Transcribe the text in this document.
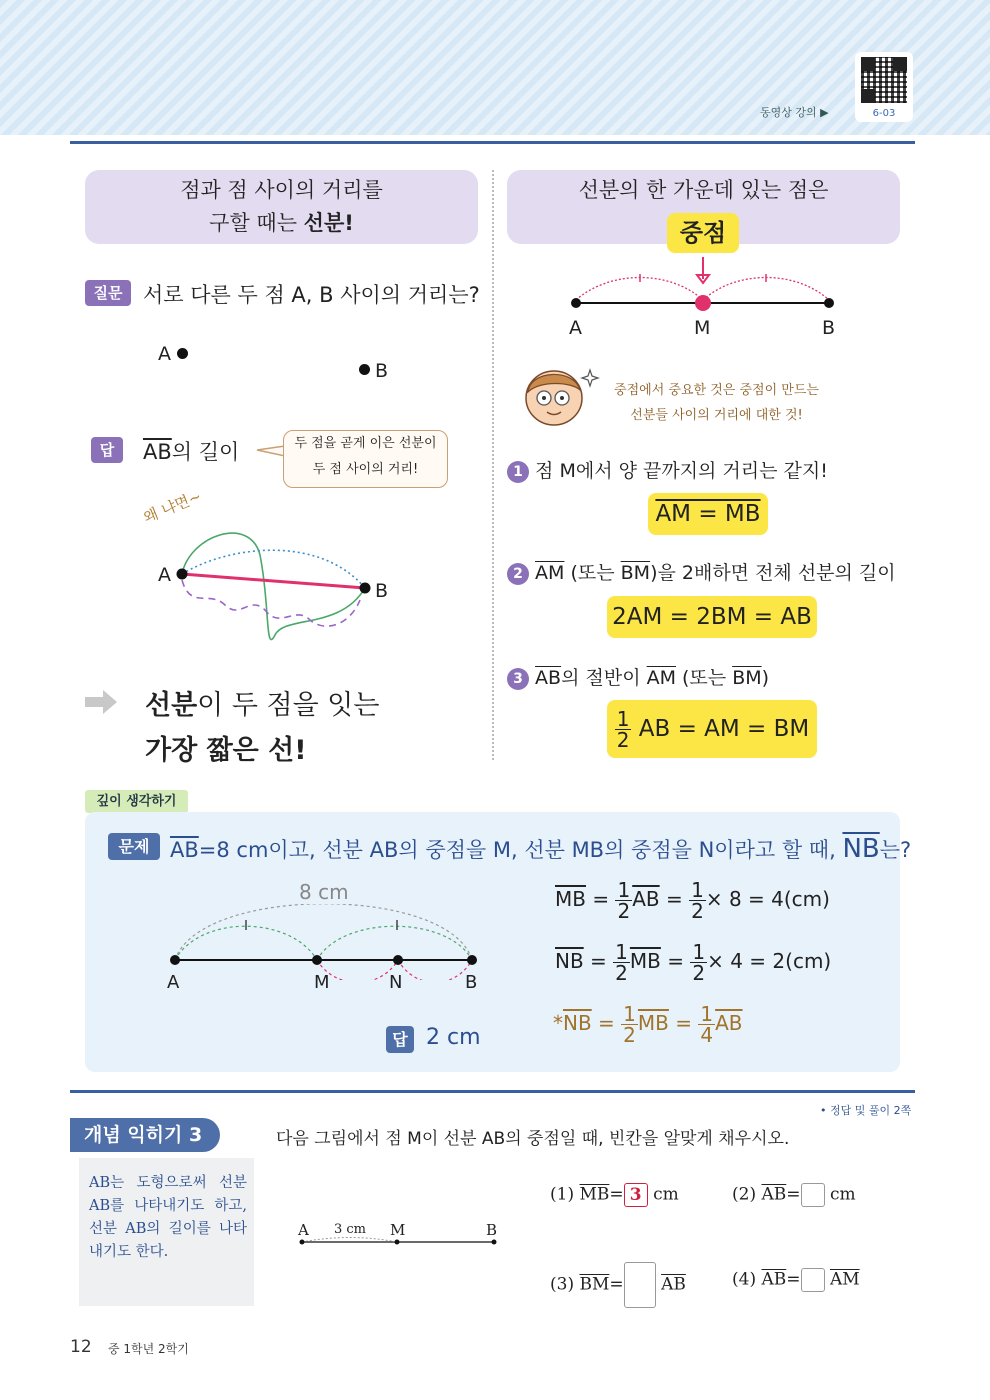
동영상 강의 ▶	6-03
점과 점 사이의 거리를
구할 때는 선분!
질문 서로 다른 두 점 A, B 사이의 거리는?
A
B
답	$\overline{AB}$의 길이	두 점을 곧게 이은 선분이
두 점 사이의 거리!
왜 냐면~
A
B
선분이 두 점을 잇는
가장 짧은 선!
선분의 한 가운데 있는 점은
중점
A	M	B
중점에서 중요한 것은 중점이 만드는
선분들 사이의 거리에 대한 것!
1 점 M에서 양 끝까지의 거리는 같지!
AM = MB
2 $\overline{AM}$ (또는 $\overline{BM}$)을 2배하면 전체 선분의 길이
2AM = 2BM = AB
3 $\overline{AB}$의 절반이 $\overline{AM}$ (또는 $\overline{BM}$)
$\frac{1}{2}$ AB = AM = BM
깊이 생각하기
문제 $\overline{AB}=8$ cm이고, 선분 AB의 중점을 M, 선분 MB의 중점을 N이라고 할 때, $\overline{NB}$는?
8 cm
A	M	N	B
답 2 cm
$\overline{MB} = \frac{1}{2} \overline{AB} = \frac{1}{2} \times 8 = 4(cm)$
$\overline{NB} = \frac{1}{2} \overline{MB} = \frac{1}{2} \times 4 = 2(cm)$
$*\overline{NB} = \frac{1}{2} \overline{MB} = \frac{1}{4} \overline{AB}$
• 정답 및 풀이 2쪽
개념 익히기 3	다음 그림에서 점 M이 선분 AB의 중점일 때, 빈칸을 알맞게 채우시오.
AB는 도형으로써 선분 AB를 나타내기도 하고, 선분 AB의 길이를 나타내기도 한다.
A 3 cm M	B
(1) $\overline{MB}= 3$ cm	(2) $\overline{AB}=$ cm
(3) $\overline{BM}= \overline{AB}$	(4) $\overline{AB}= \overline{AM}$
12 중 1학년 2학기
